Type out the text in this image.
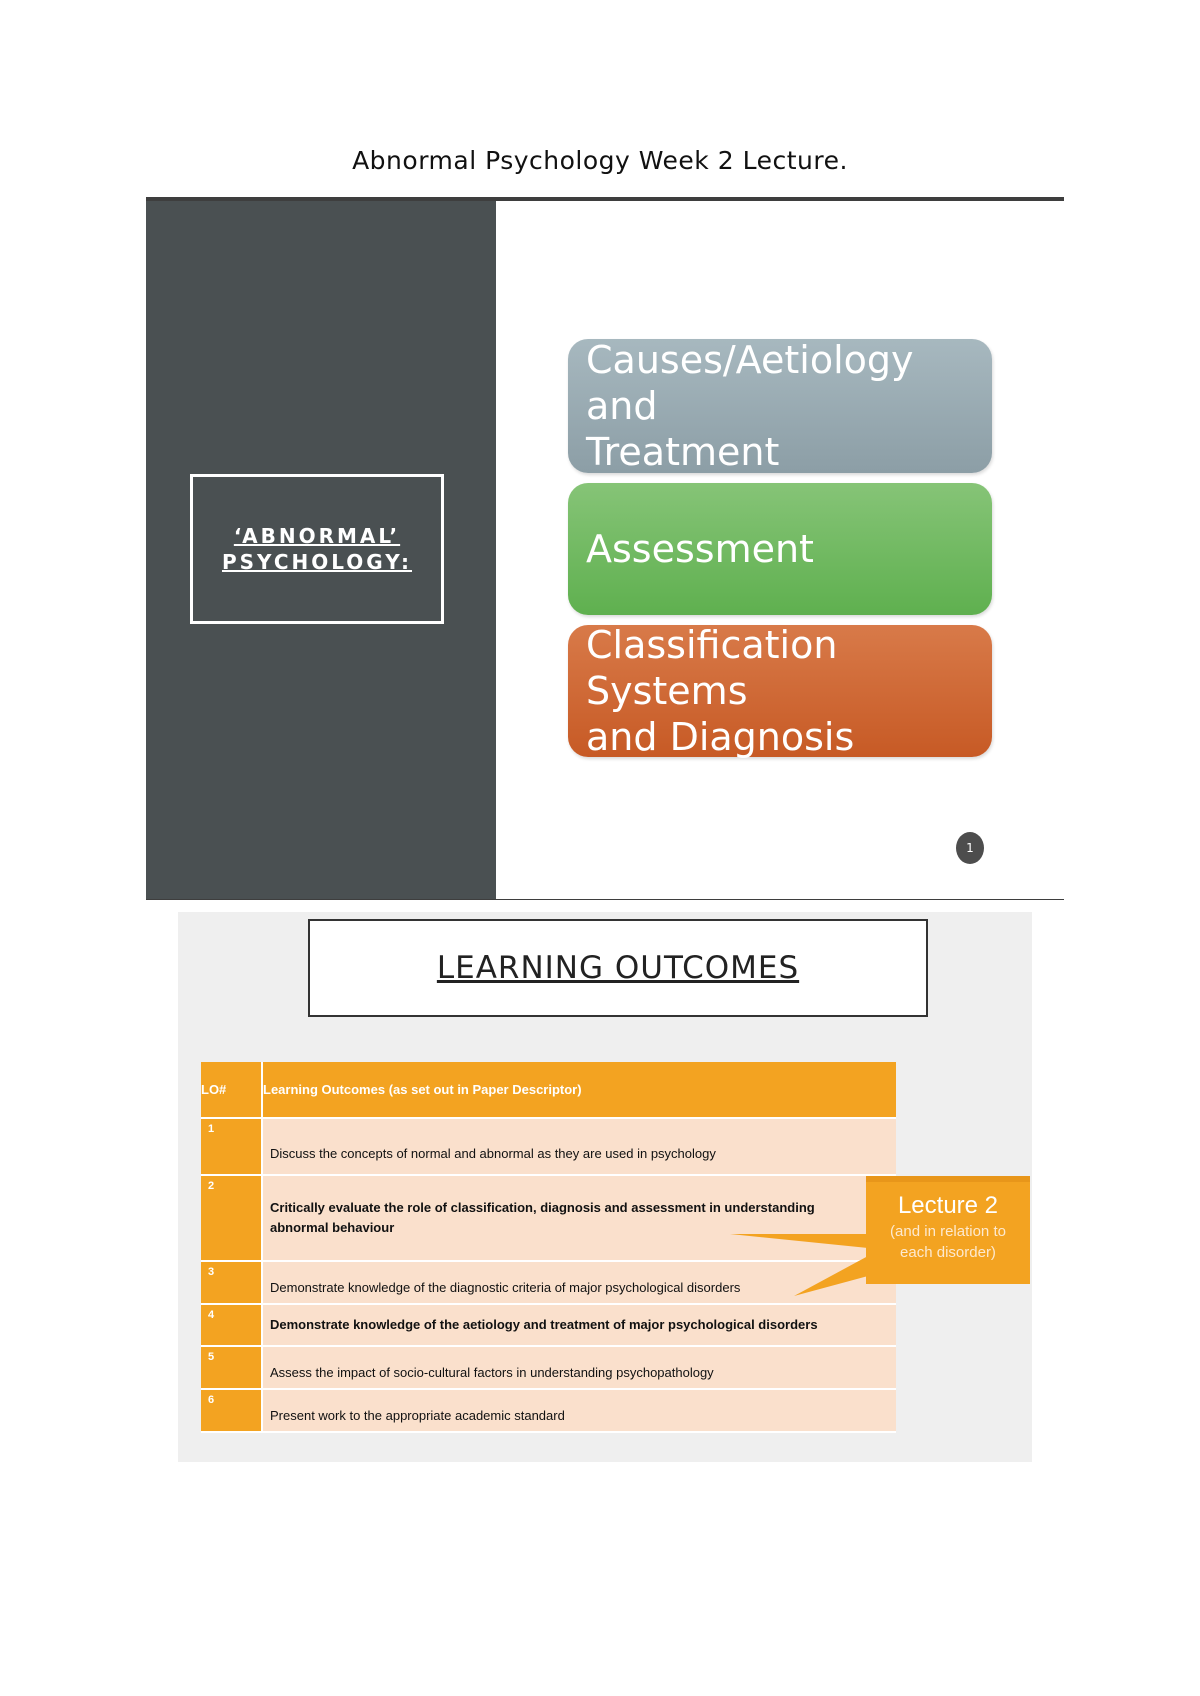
Abnormal Psychology Week 2 Lecture.
‘ABNORMAL’
PSYCHOLOGY:
Causes/Aetiology and
Treatment
Assessment
Classification Systems
and Diagnosis
1
LEARNING OUTCOMES
LO#	Learning Outcomes (as set out in Paper Descriptor)
1	Discuss the concepts of normal and abnormal as they are used in psychology
2	Critically evaluate the role of classification, diagnosis and assessment in understanding abnormal behaviour
3	Demonstrate knowledge of the diagnostic criteria of major psychological disorders
4	Demonstrate knowledge of the aetiology and treatment of major psychological disorders
5	Assess the impact of socio-cultural factors in understanding psychopathology
6	Present work to the appropriate academic standard
Lecture 2
(and in relation to
each disorder)
